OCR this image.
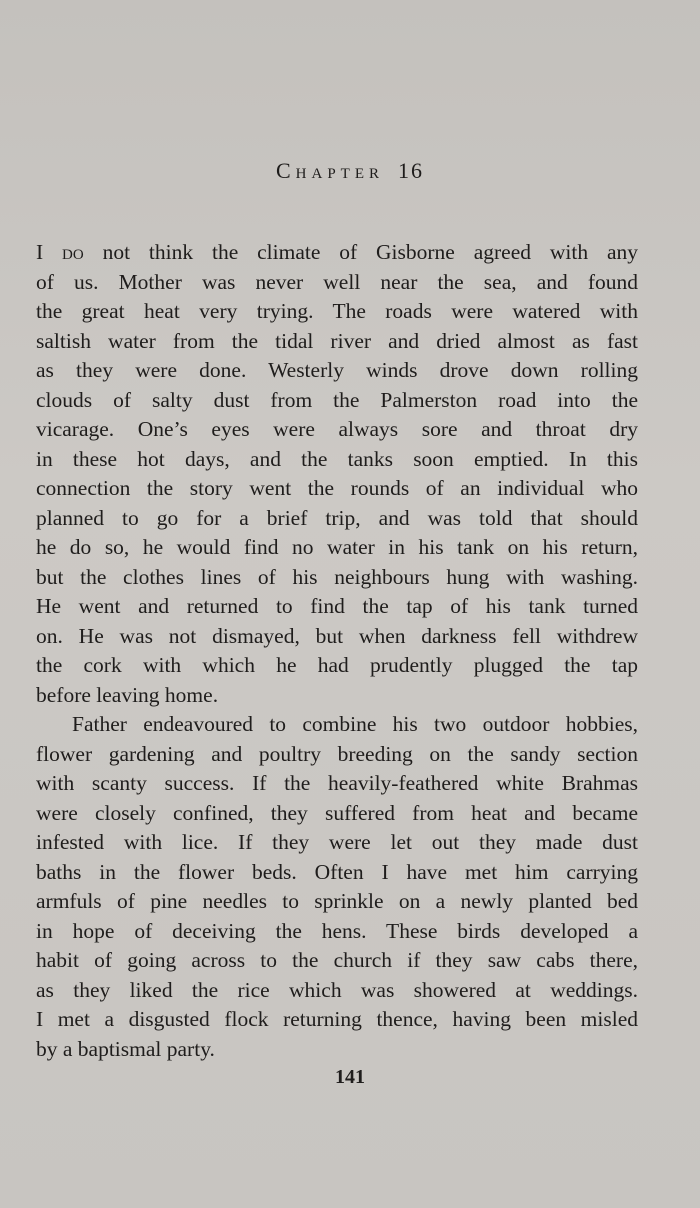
Chapter 16
I do not think the climate of Gisborne agreed with any
of us. Mother was never well near the sea, and found
the great heat very trying. The roads were watered with
saltish water from the tidal river and dried almost as fast
as they were done. Westerly winds drove down rolling
clouds of salty dust from the Palmerston road into the
vicarage. One’s eyes were always sore and throat dry
in these hot days, and the tanks soon emptied. In this
connection the story went the rounds of an individual who
planned to go for a brief trip, and was told that should
he do so, he would find no water in his tank on his return,
but the clothes lines of his neighbours hung with washing.
He went and returned to find the tap of his tank turned
on. He was not dismayed, but when darkness fell withdrew
the cork with which he had prudently plugged the tap
before leaving home.
Father endeavoured to combine his two outdoor hobbies,
flower gardening and poultry breeding on the sandy section
with scanty success. If the heavily-feathered white Brahmas
were closely confined, they suffered from heat and became
infested with lice. If they were let out they made dust
baths in the flower beds. Often I have met him carrying
armfuls of pine needles to sprinkle on a newly planted bed
in hope of deceiving the hens. These birds developed a
habit of going across to the church if they saw cabs there,
as they liked the rice which was showered at weddings.
I met a disgusted flock returning thence, having been misled
by a baptismal party.
141
